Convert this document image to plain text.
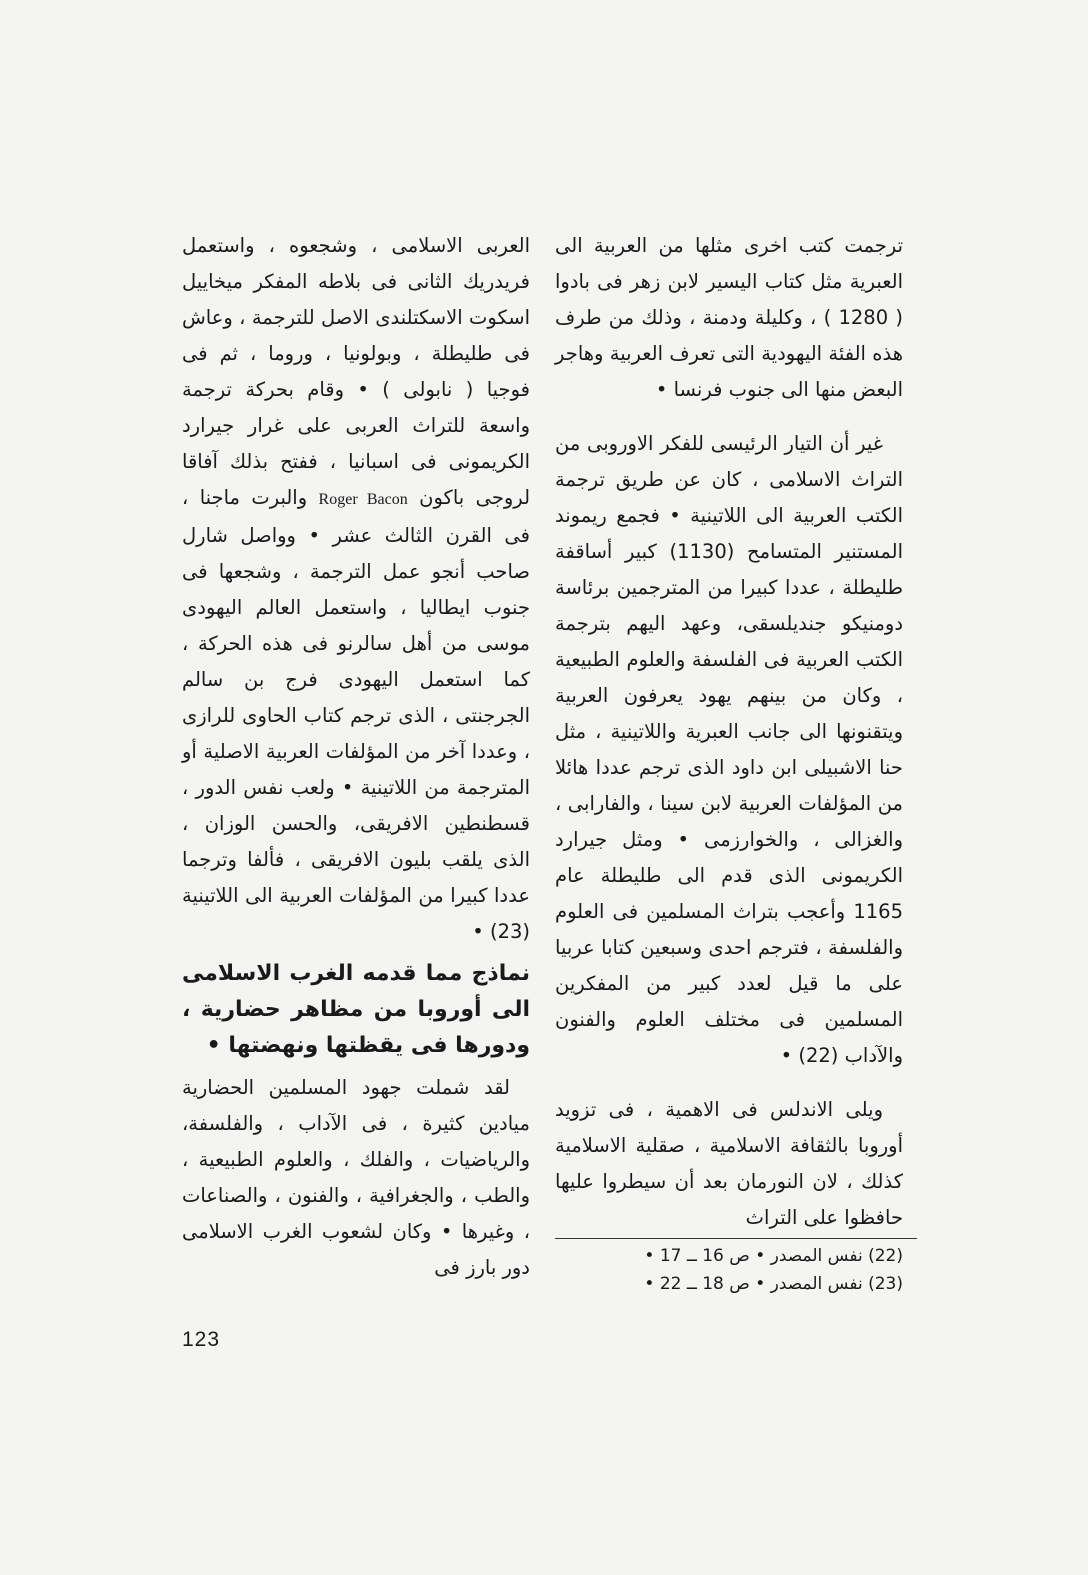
ترجمت كتب اخرى مثلها من العربية الى العبرية مثل كتاب اليسير لابن زهر فى بادوا ( 1280 ) ، وكليلة ودمنة ، وذلك من طرف هذه الفئة اليهودية التى تعرف العربية وهاجر البعض منها الى جنوب فرنسا •

غير أن التيار الرئيسى للفكر الاوروبى من التراث الاسلامى ، كان عن طريق ترجمة الكتب العربية الى اللاتينية • فجمع ريموند المستنير المتسامح (1130) كبير أساقفة طليطلة ، عددا كبيرا من المترجمين برئاسة دومنيكو جنديلسقى، وعهد اليهم بترجمة الكتب العربية فى الفلسفة والعلوم الطبيعية ، وكان من بينهم يهود يعرفون العربية ويتقنونها الى جانب العبرية واللاتينية ، مثل حنا الاشبيلى ابن داود الذى ترجم عددا هائلا من المؤلفات العربية لابن سينا ، والفارابى ، والغزالى ، والخوارزمى • ومثل جيرارد الكريمونى الذى قدم الى طليطلة عام 1165 وأعجب بتراث المسلمين فى العلوم والفلسفة ، فترجم احدى وسبعين كتابا عربيا على ما قيل لعدد كبير من المفكرين المسلمين فى مختلف العلوم والفنون والآداب (22) •

ويلى الاندلس فى الاهمية ، فى تزويد أوروبا بالثقافة الاسلامية ، صقلية الاسلامية كذلك ، لان النورمان بعد أن سيطروا عليها حافظوا على التراث

العربى الاسلامى ، وشجعوه ، واستعمل فريدريك الثانى فى بلاطه المفكر ميخاييل اسكوت الاسكتلندى الاصل للترجمة ، وعاش فى طليطلة ، وبولونيا ، وروما ، ثم فى فوجيا ( نابولى ) • وقام بحركة ترجمة واسعة للتراث العربى على غرار جيرارد الكريمونى فى اسبانيا ، ففتح بذلك آفاقا لروجى باكون Roger Bacon والبرت ماجنا ، فى القرن الثالث عشر • وواصل شارل صاحب أنجو عمل الترجمة ، وشجعها فى جنوب ايطاليا ، واستعمل العالم اليهودى موسى من أهل سالرنو فى هذه الحركة ، كما استعمل اليهودى فرج بن سالم الجرجنتى ، الذى ترجم كتاب الحاوى للرازى ، وعددا آخر من المؤلفات العربية الاصلية أو المترجمة من اللاتينية • ولعب نفس الدور ، قسطنطين الافريقى، والحسن الوزان ، الذى يلقب بليون الافريقى ، فألفا وترجما عددا كبيرا من المؤلفات العربية الى اللاتينية (23) •

نماذج مما قدمه الغرب الاسلامى الى أوروبا من مظاهر حضارية ، ودورها فى يقظتها ونهضتها •

لقد شملت جهود المسلمين الحضارية ميادين كثيرة ، فى الآداب ، والفلسفة، والرياضيات ، والفلك ، والعلوم الطبيعية ، والطب ، والجغرافية ، والفنون ، والصناعات ، وغيرها • وكان لشعوب الغرب الاسلامى دور بارز فى	(22) نفس المصدر • ص 16 ــ 17 •
(23) نفس المصدر • ص 18 ــ 22 •
123
